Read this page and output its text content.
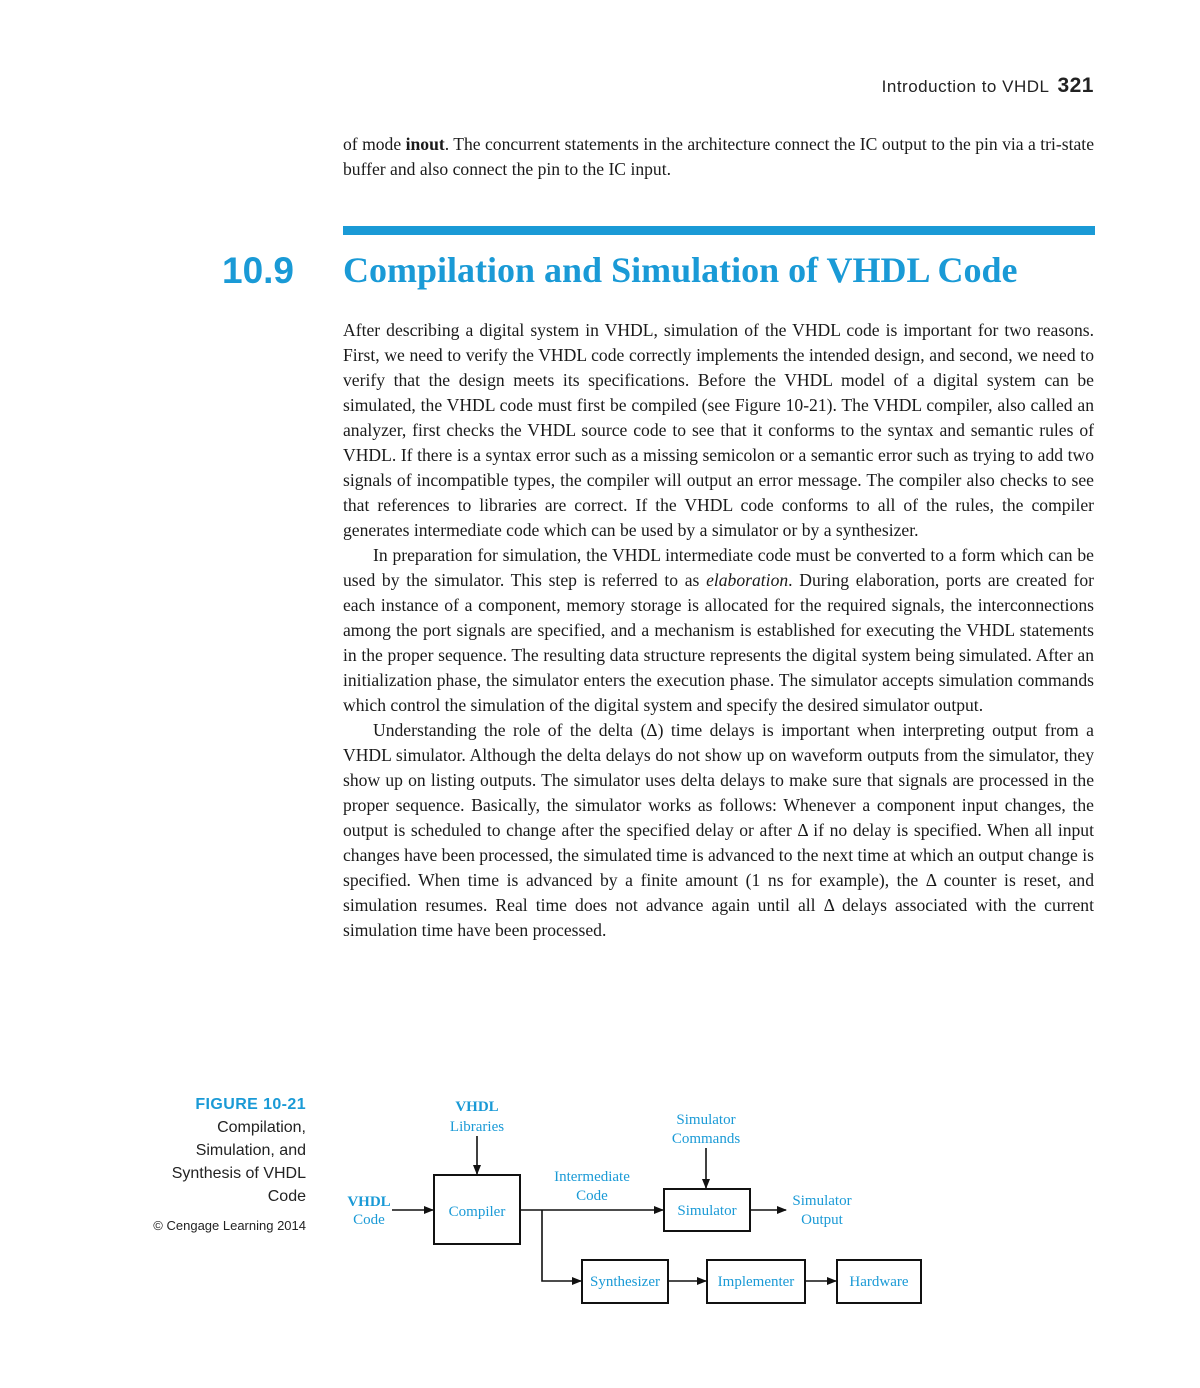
Introduction to VHDL 321

of mode inout. The concurrent statements in the architecture connect the IC output to the pin via a tri-state buffer and also connect the pin to the IC input.

10.9 Compilation and Simulation of VHDL Code

After describing a digital system in VHDL, simulation of the VHDL code is important for two reasons. First, we need to verify the VHDL code correctly implements the intended design, and second, we need to verify that the design meets its specifications. Before the VHDL model of a digital system can be simulated, the VHDL code must first be compiled (see Figure 10-21). The VHDL compiler, also called an analyzer, first checks the VHDL source code to see that it conforms to the syntax and semantic rules of VHDL. If there is a syntax error such as a missing semicolon or a semantic error such as trying to add two signals of incompatible types, the compiler will output an error message. The compiler also checks to see that references to libraries are correct. If the VHDL code conforms to all of the rules, the compiler generates intermediate code which can be used by a simulator or by a synthesizer.

In preparation for simulation, the VHDL intermediate code must be converted to a form which can be used by the simulator. This step is referred to as elaboration. During elaboration, ports are created for each instance of a component, memory storage is allocated for the required signals, the interconnections among the port signals are specified, and a mechanism is established for executing the VHDL statements in the proper sequence. The resulting data structure represents the digital system being simulated. After an initialization phase, the simulator enters the execution phase. The simulator accepts simulation commands which control the simulation of the digital system and specify the desired simulator output.

Understanding the role of the delta (Δ) time delays is important when interpreting output from a VHDL simulator. Although the delta delays do not show up on waveform outputs from the simulator, they show up on listing outputs. The simulator uses delta delays to make sure that signals are processed in the proper sequence. Basically, the simulator works as follows: Whenever a component input changes, the output is scheduled to change after the specified delay or after Δ if no delay is specified. When all input changes have been processed, the simulated time is advanced to the next time at which an output change is specified. When time is advanced by a finite amount (1 ns for example), the Δ counter is reset, and simulation resumes. Real time does not advance again until all Δ delays associated with the current simulation time have been processed.

FIGURE 10-21
Compilation,
Simulation, and
Synthesis of VHDL
Code
© Cengage Learning 2014
VHDL
Libraries
VHDL
Code	Compiler
Intermediate
Code
Simulator
Commands
Simulator
Simulator
Output
Synthesizer	Implementer	Hardware
